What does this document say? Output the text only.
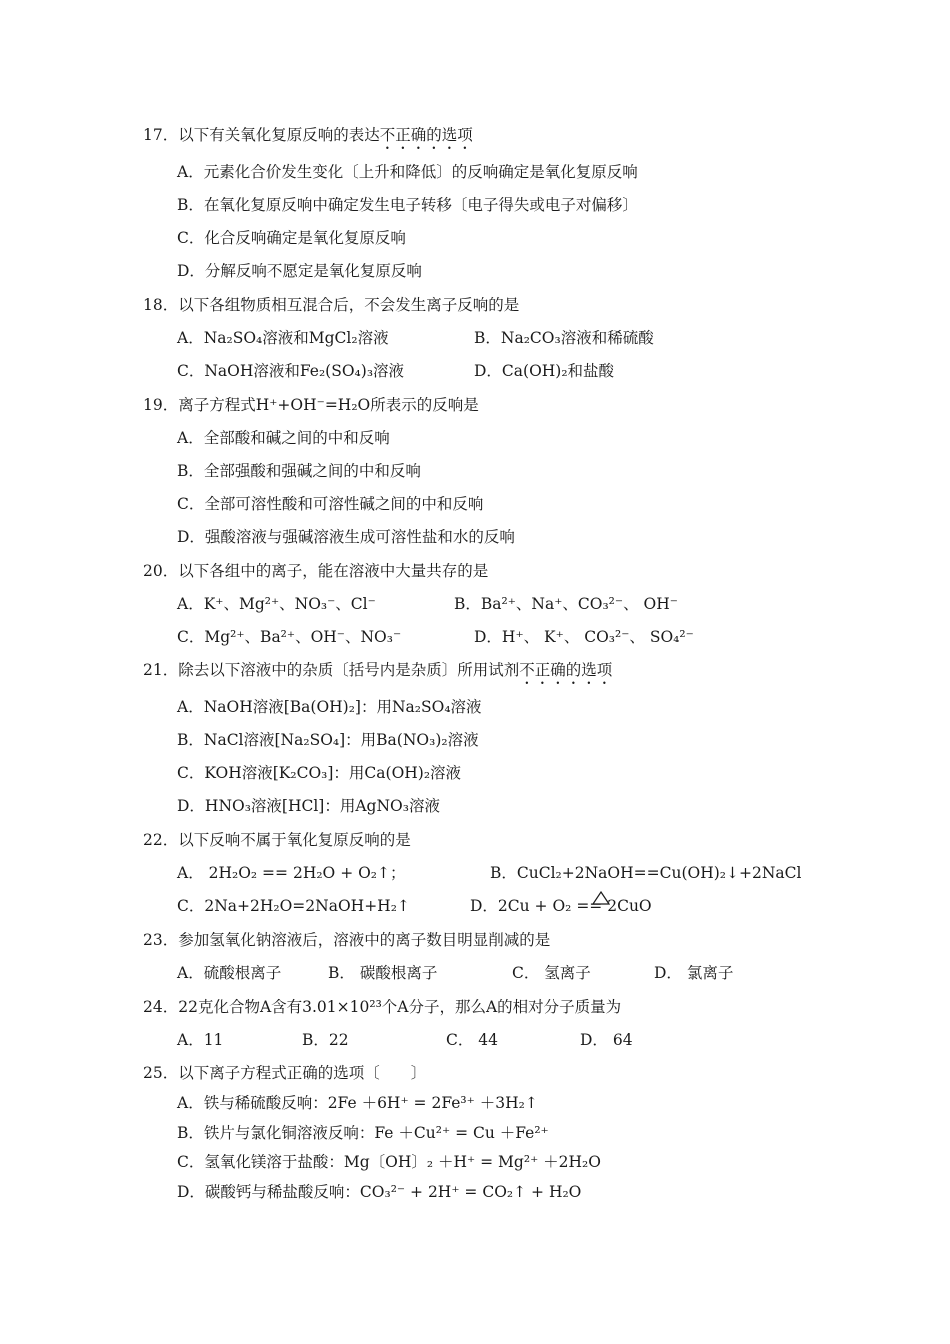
17．以下有关氧化复原反响的表达不正确的选项
A．元素化合价发生变化〔上升和降低〕的反响确定是氧化复原反响
B．在氧化复原反响中确定发生电子转移〔电子得失或电子对偏移〕
C．化合反响确定是氧化复原反响
D．分解反响不愿定是氧化复原反响
18．以下各组物质相互混合后，不会发生离子反响的是
A．Na₂SO₄溶液和MgCl₂溶液	B．Na₂CO₃溶液和稀硫酸
C．NaOH溶液和Fe₂(SO₄)₃溶液	D．Ca(OH)₂和盐酸
19．离子方程式H⁺+OH⁻=H₂O所表示的反响是
A．全部酸和碱之间的中和反响
B．全部强酸和强碱之间的中和反响
C．全部可溶性酸和可溶性碱之间的中和反响
D．强酸溶液与强碱溶液生成可溶性盐和水的反响
20．以下各组中的离子，能在溶液中大量共存的是
A．K⁺、Mg²⁺、NO₃⁻、Cl⁻	B．Ba²⁺、Na⁺、CO₃²⁻、 OH⁻
C．Mg²⁺、Ba²⁺、OH⁻、NO₃⁻	D．H⁺、 K⁺、 CO₃²⁻、 SO₄²⁻
21．除去以下溶液中的杂质〔括号内是杂质〕所用试剂不正确的选项
A．NaOH溶液[Ba(OH)₂]：用Na₂SO₄溶液
B．NaCl溶液[Na₂SO₄]：用Ba(NO₃)₂溶液
C．KOH溶液[K₂CO₃]：用Ca(OH)₂溶液
D．HNO₃溶液[HCl]：用AgNO₃溶液
22．以下反响不属于氧化复原反响的是
A． 2H₂O₂ == 2H₂O + O₂↑；	B．CuCl₂+2NaOH==Cu(OH)₂↓+2NaCl
C．2Na+2H₂O=2NaOH+H₂↑	D．2Cu + O₂ == 2CuO
23．参加氢氧化钠溶液后，溶液中的离子数目明显削减的是
A．硫酸根离子	B． 碳酸根离子	C． 氢离子	D． 氯离子
24．22克化合物A含有3.01×10²³个A分子，那么A的相对分子质量为
A．11	B．22	C． 44	D． 64
25．以下离子方程式正确的选项〔　　〕
A．铁与稀硫酸反响：2Fe ＋6H⁺ = 2Fe³⁺ ＋3H₂↑
B．铁片与氯化铜溶液反响：Fe ＋Cu²⁺ = Cu ＋Fe²⁺
C．氢氧化镁溶于盐酸：Mg〔OH〕₂ ＋H⁺ = Mg²⁺ ＋2H₂O
D．碳酸钙与稀盐酸反响：CO₃²⁻ + 2H⁺ = CO₂↑ + H₂O
